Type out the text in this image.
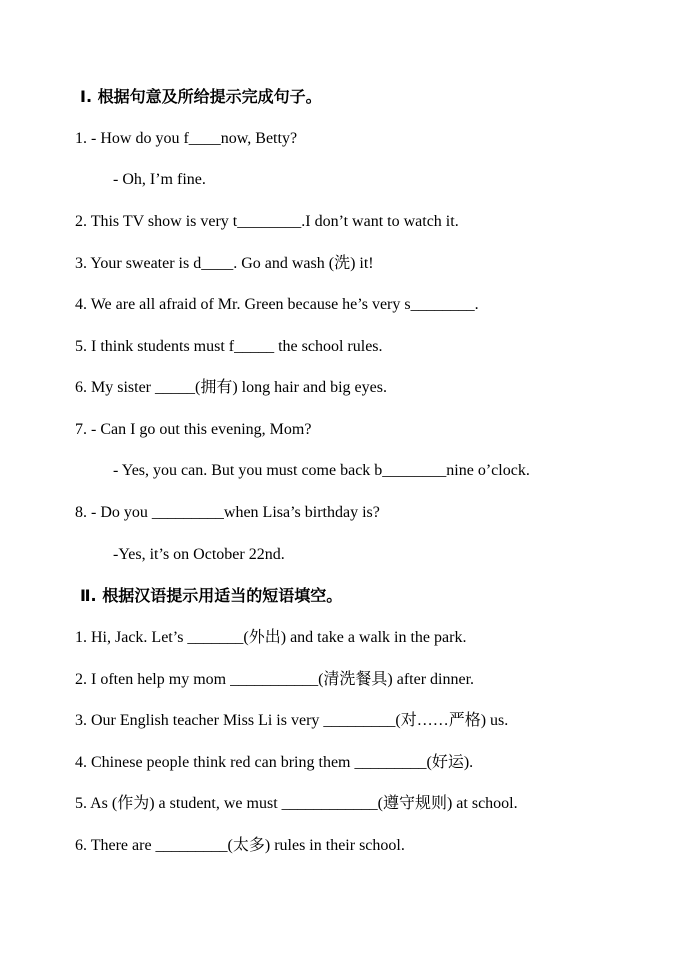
Ⅰ. 根据句意及所给提示完成句子。
1. - How do you f____now, Betty?
- Oh, I’m fine.
2. This TV show is very t________.I don’t want to watch it.
3. Your sweater is d____. Go and wash (洗) it!
4. We are all afraid of Mr. Green because he’s very s________.
5. I think students must f_____ the school rules.
6. My sister _____(拥有) long hair and big eyes.
7. - Can I go out this evening, Mom?
- Yes, you can. But you must come back b________nine o’clock.
8. - Do you _________when Lisa’s birthday is?
-Yes, it’s on October 22nd.
Ⅱ. 根据汉语提示用适当的短语填空。
1. Hi, Jack. Let’s _______(外出) and take a walk in the park.
2. I often help my mom ___________(清洗餐具) after dinner.
3. Our English teacher Miss Li is very _________(对……严格) us.
4. Chinese people think red can bring them _________(好运).
5. As (作为) a student, we must ____________(遵守规则) at school.
6. There are _________(太多) rules in their school.
